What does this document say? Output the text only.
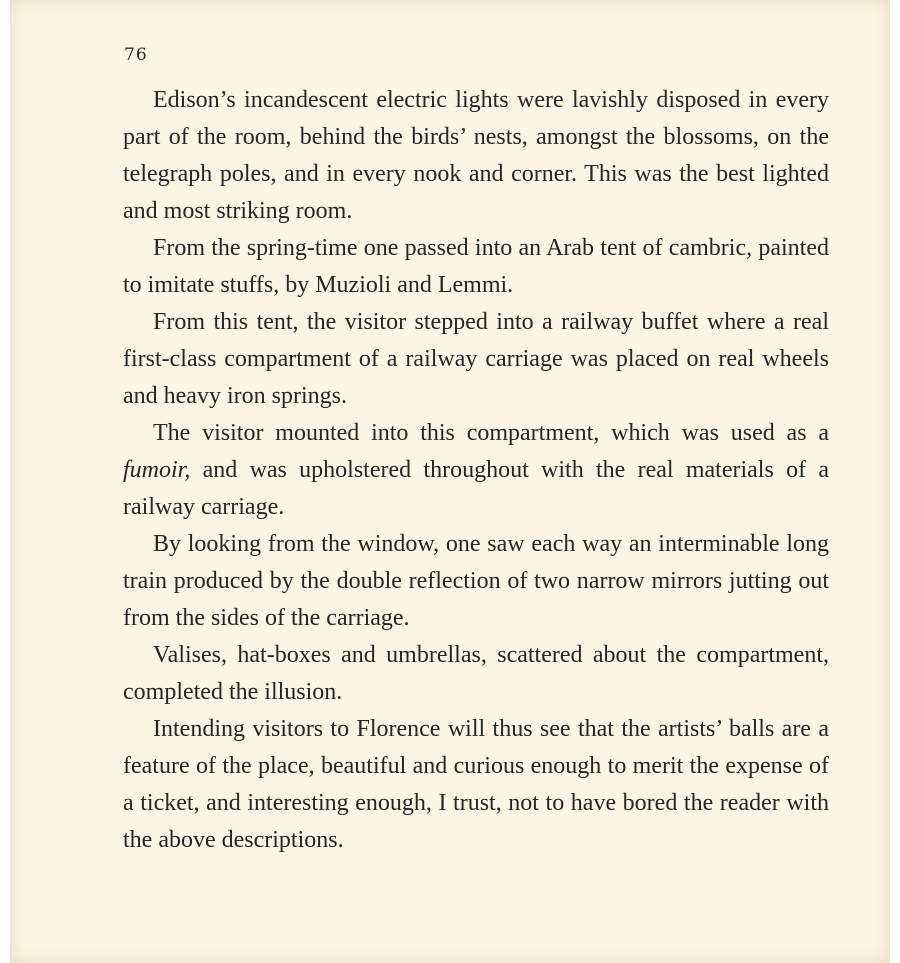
76

Edison’s incandescent electric lights were lavishly disposed in every part of the room, behind the birds’ nests, amongst the blossoms, on the telegraph poles, and in every nook and corner. This was the best lighted and most striking room.

From the spring-time one passed into an Arab tent of cambric, painted to imitate stuffs, by Muzioli and Lemmi.

From this tent, the visitor stepped into a railway buffet where a real first-class compartment of a railway carriage was placed on real wheels and heavy iron springs.

The visitor mounted into this compartment, which was used as a fumoir, and was upholstered throughout with the real materials of a railway carriage.

By looking from the window, one saw each way an interminable long train produced by the double reflection of two narrow mirrors jutting out from the sides of the carriage.

Valises, hat-boxes and umbrellas, scattered about the compartment, completed the illusion.

Intending visitors to Florence will thus see that the artists’ balls are a feature of the place, beautiful and curious enough to merit the expense of a ticket, and interesting enough, I trust, not to have bored the reader with the above descriptions.
